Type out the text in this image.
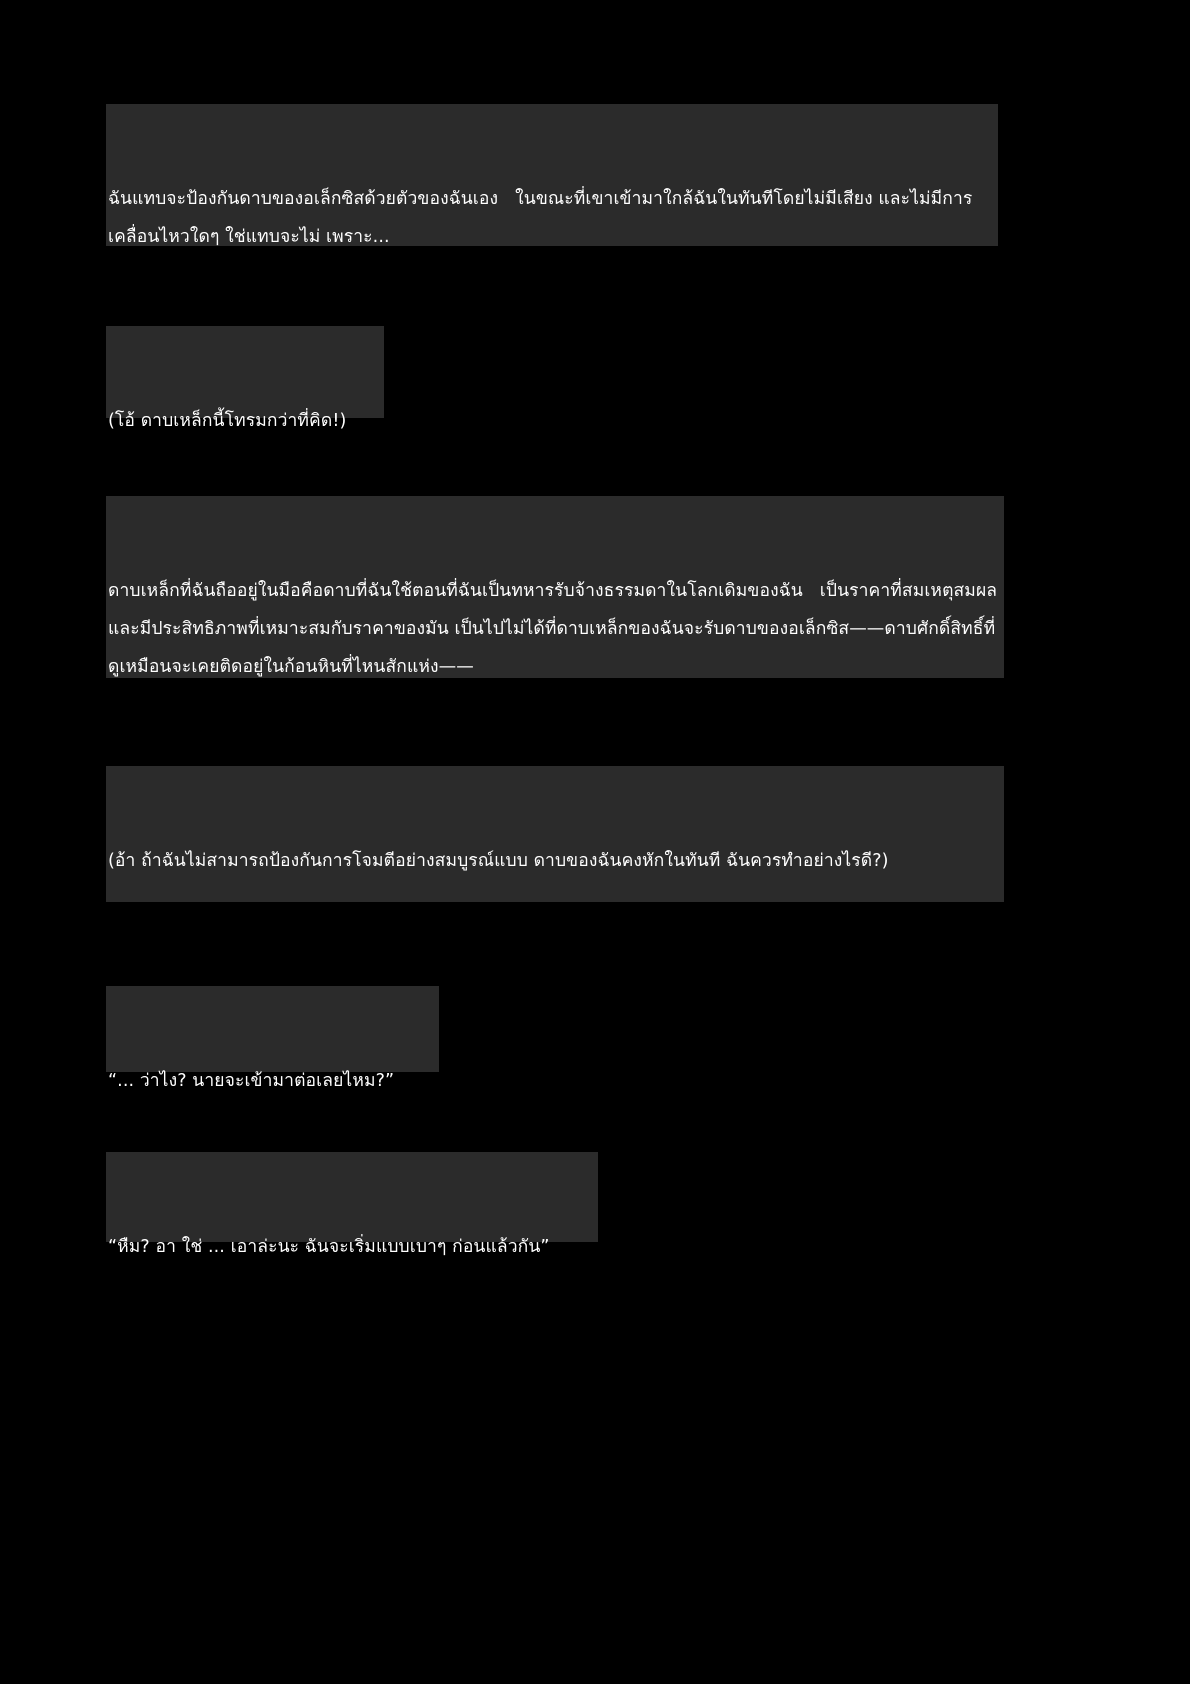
ฉันแทบจะป้องกันดาบของอเล็กซิสด้วยตัวของฉันเอง   ในขณะที่เขาเข้ามาใกล้ฉันในทันทีโดยไม่มีเสียง และไม่มีการเคลื่อนไหวใดๆ ใช่แทบจะไม่ เพราะ...

(โอ้ ดาบเหล็กนี้โทรมกว่าที่คิด!)

ดาบเหล็กที่ฉันถืออยู่ในมือคือดาบที่ฉันใช้ตอนที่ฉันเป็นทหารรับจ้างธรรมดาในโลกเดิมของฉัน   เป็นราคาที่สมเหตุสมผลและมีประสิทธิภาพที่เหมาะสมกับราคาของมัน เป็นไปไม่ได้ที่ดาบเหล็กของฉันจะรับดาบของอเล็กซิส——ดาบศักดิ์สิทธิ์ที่ดูเหมือนจะเคยติดอยู่ในก้อนหินที่ไหนสักแห่ง——

(อ้า ถ้าฉันไม่สามารถป้องกันการโจมตีอย่างสมบูรณ์แบบ ดาบของฉันคงหักในทันที ฉันควรทำอย่างไรดี?)

“... ว่าไง? นายจะเข้ามาต่อเลยไหม?”

“หืม? อา ใช่ ... เอาล่ะนะ ฉันจะเริ่มแบบเบาๆ ก่อนแล้วกัน”
